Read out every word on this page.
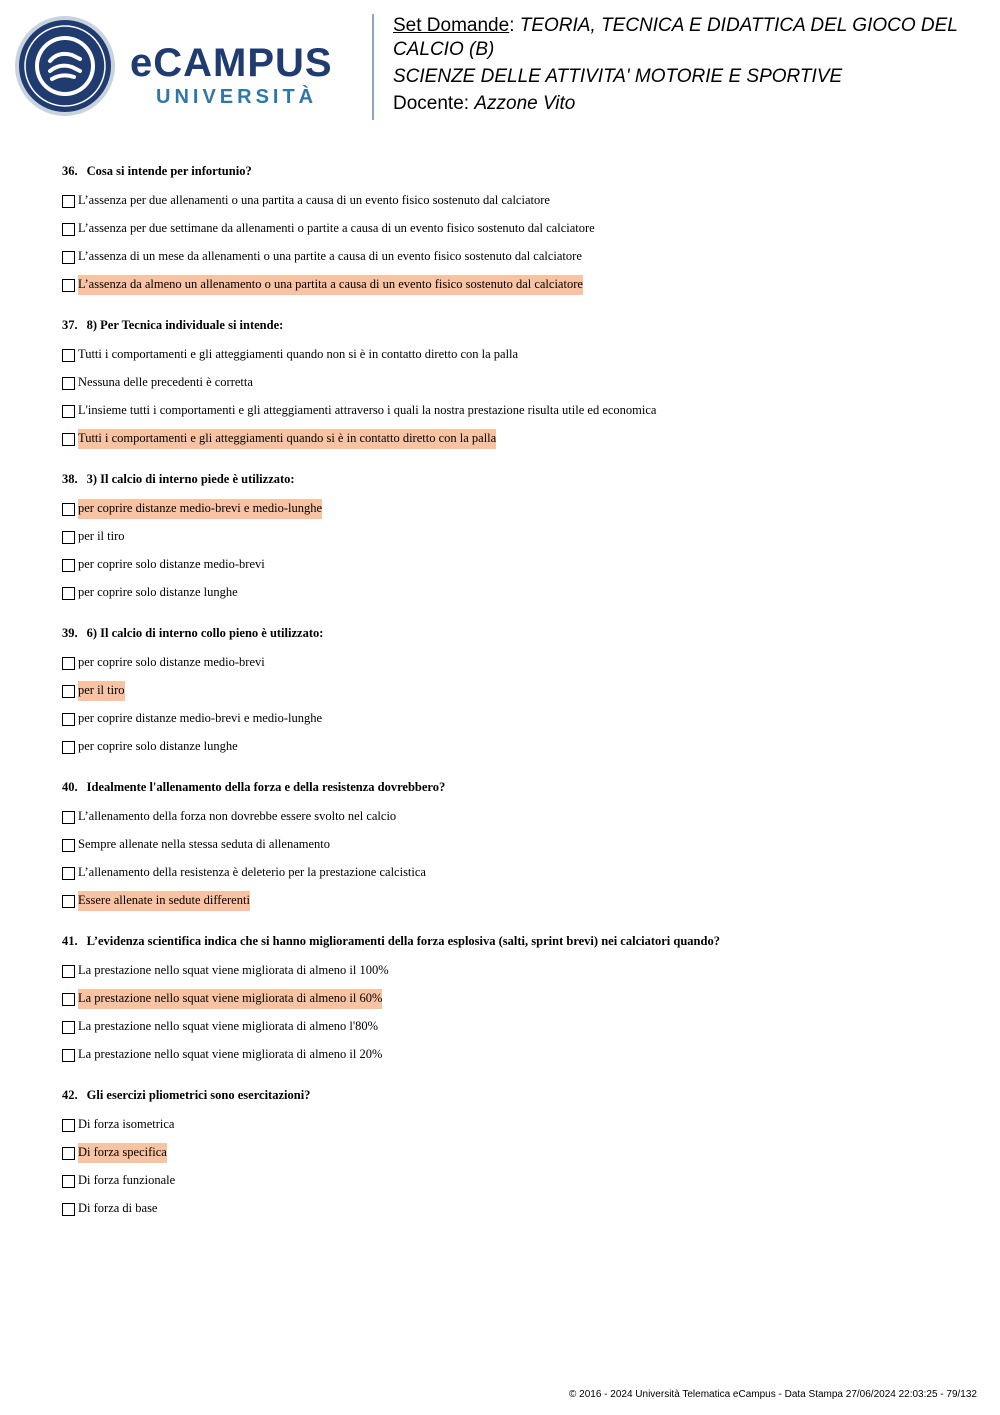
eCAMPUS
UNIVERSITÀ
Set Domande: TEORIA, TECNICA E DIDATTICA DEL GIOCO DEL CALCIO (B)
SCIENZE DELLE ATTIVITA' MOTORIE E SPORTIVE
Docente: Azzone Vito
36. Cosa si intende per infortunio?
L’assenza per due allenamenti o una partita a causa di un evento fisico sostenuto dal calciatore
L’assenza per due settimane da allenamenti o partite a causa di un evento fisico sostenuto dal calciatore
L’assenza di un mese da allenamenti o una partite a causa di un evento fisico sostenuto dal calciatore
L’assenza da almeno un allenamento o una partita a causa di un evento fisico sostenuto dal calciatore
37. 8) Per Tecnica individuale si intende:
Tutti i comportamenti e gli atteggiamenti quando non si è in contatto diretto con la palla
Nessuna delle precedenti è corretta
L'insieme tutti i comportamenti e gli atteggiamenti attraverso i quali la nostra prestazione risulta utile ed economica
Tutti i comportamenti e gli atteggiamenti quando si è in contatto diretto con la palla
38. 3) Il calcio di interno piede è utilizzato:
per coprire distanze medio-brevi e medio-lunghe
per il tiro
per coprire solo distanze medio-brevi
per coprire solo distanze lunghe
39. 6) Il calcio di interno collo pieno è utilizzato:
per coprire solo distanze medio-brevi
per il tiro
per coprire distanze medio-brevi e medio-lunghe
per coprire solo distanze lunghe
40. Idealmente l'allenamento della forza e della resistenza dovrebbero?
L’allenamento della forza non dovrebbe essere svolto nel calcio
Sempre allenate nella stessa seduta di allenamento
L’allenamento della resistenza è deleterio per la prestazione calcistica
Essere allenate in sedute differenti
41. L’evidenza scientifica indica che si hanno miglioramenti della forza esplosiva (salti, sprint brevi) nei calciatori quando?
La prestazione nello squat viene migliorata di almeno il 100%
La prestazione nello squat viene migliorata di almeno il 60%
La prestazione nello squat viene migliorata di almeno l'80%
La prestazione nello squat viene migliorata di almeno il 20%
42. Gli esercizi pliometrici sono esercitazioni?
Di forza isometrica
Di forza specifica
Di forza funzionale
Di forza di base
© 2016 - 2024 Università Telematica eCampus - Data Stampa 27/06/2024 22:03:25 - 79/132
